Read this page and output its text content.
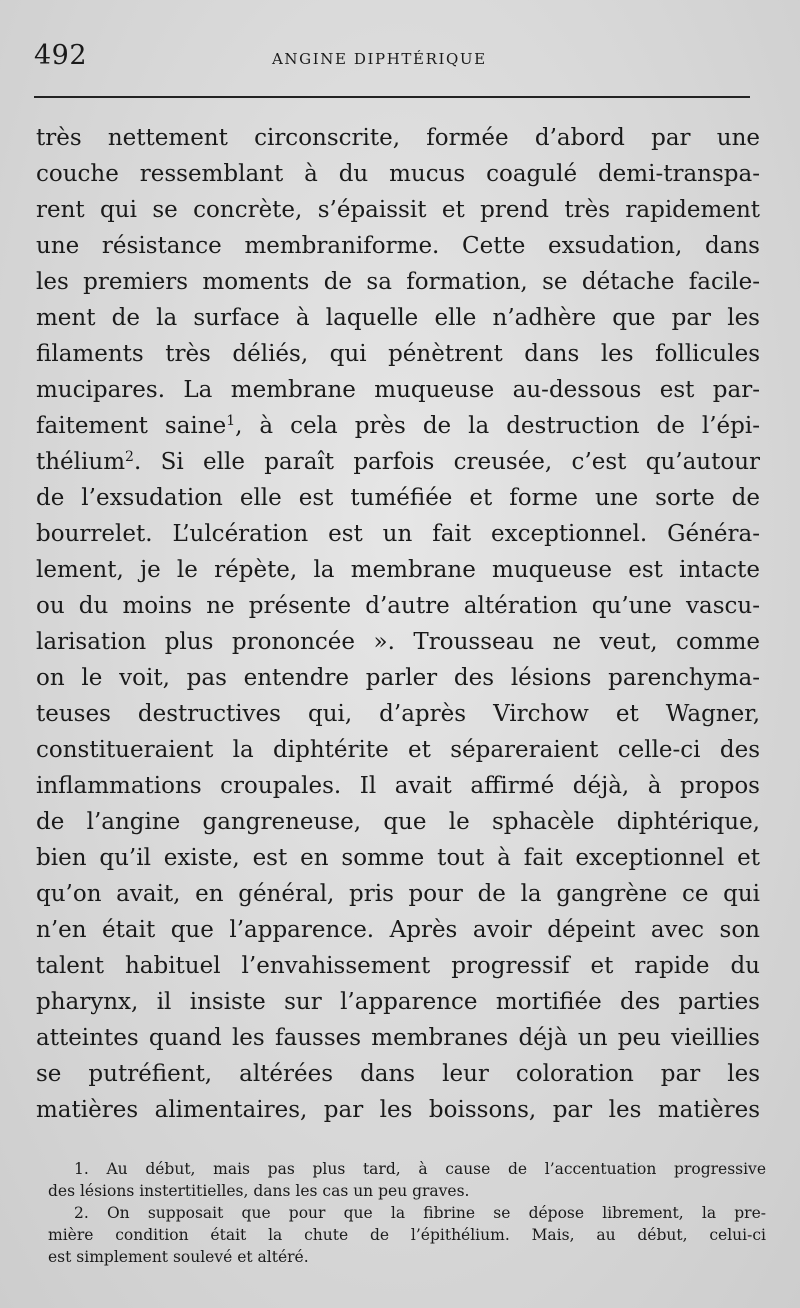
492	ANGINE DIPHTÉRIQUE
très nettement circonscrite, formée d’abord par une
couche ressemblant à du mucus coagulé demi-transpa-
rent qui se concrète, s’épaissit et prend très rapidement
une résistance membraniforme. Cette exsudation, dans
les premiers moments de sa formation, se détache facile-
ment de la surface à laquelle elle n’adhère que par les
filaments très déliés, qui pénètrent dans les follicules
mucipares. La membrane muqueuse au-dessous est par-
faitement saine$^1$, à cela près de la destruction de l’épi-
thélium$^2$. Si elle paraît parfois creusée, c’est qu’autour
de l’exsudation elle est tuméfiée et forme une sorte de
bourrelet. L’ulcération est un fait exceptionnel. Généra-
lement, je le répète, la membrane muqueuse est intacte
ou du moins ne présente d’autre altération qu’une vascu-
larisation plus prononcée ». Trousseau ne veut, comme
on le voit, pas entendre parler des lésions parenchyma-
teuses destructives qui, d’après Virchow et Wagner,
constitueraient la diphtérite et sépareraient celle-ci des
inflammations croupales. Il avait affirmé déjà, à propos
de l’angine gangreneuse, que le sphacèle diphtérique,
bien qu’il existe, est en somme tout à fait exceptionnel et
qu’on avait, en général, pris pour de la gangrène ce qui
n’en était que l’apparence. Après avoir dépeint avec son
talent habituel l’envahissement progressif et rapide du
pharynx, il insiste sur l’apparence mortifiée des parties
atteintes quand les fausses membranes déjà un peu vieillies
se putréfient, altérées dans leur coloration par les
matières alimentaires, par les boissons, par les matières
1. Au début, mais pas plus tard, à cause de l’accentuation progressive
des lésions instertitielles, dans les cas un peu graves.
2. On supposait que pour que la fibrine se dépose librement, la pre-
mière condition était la chute de l’épithélium. Mais, au début, celui-ci
est simplement soulevé et altéré.
